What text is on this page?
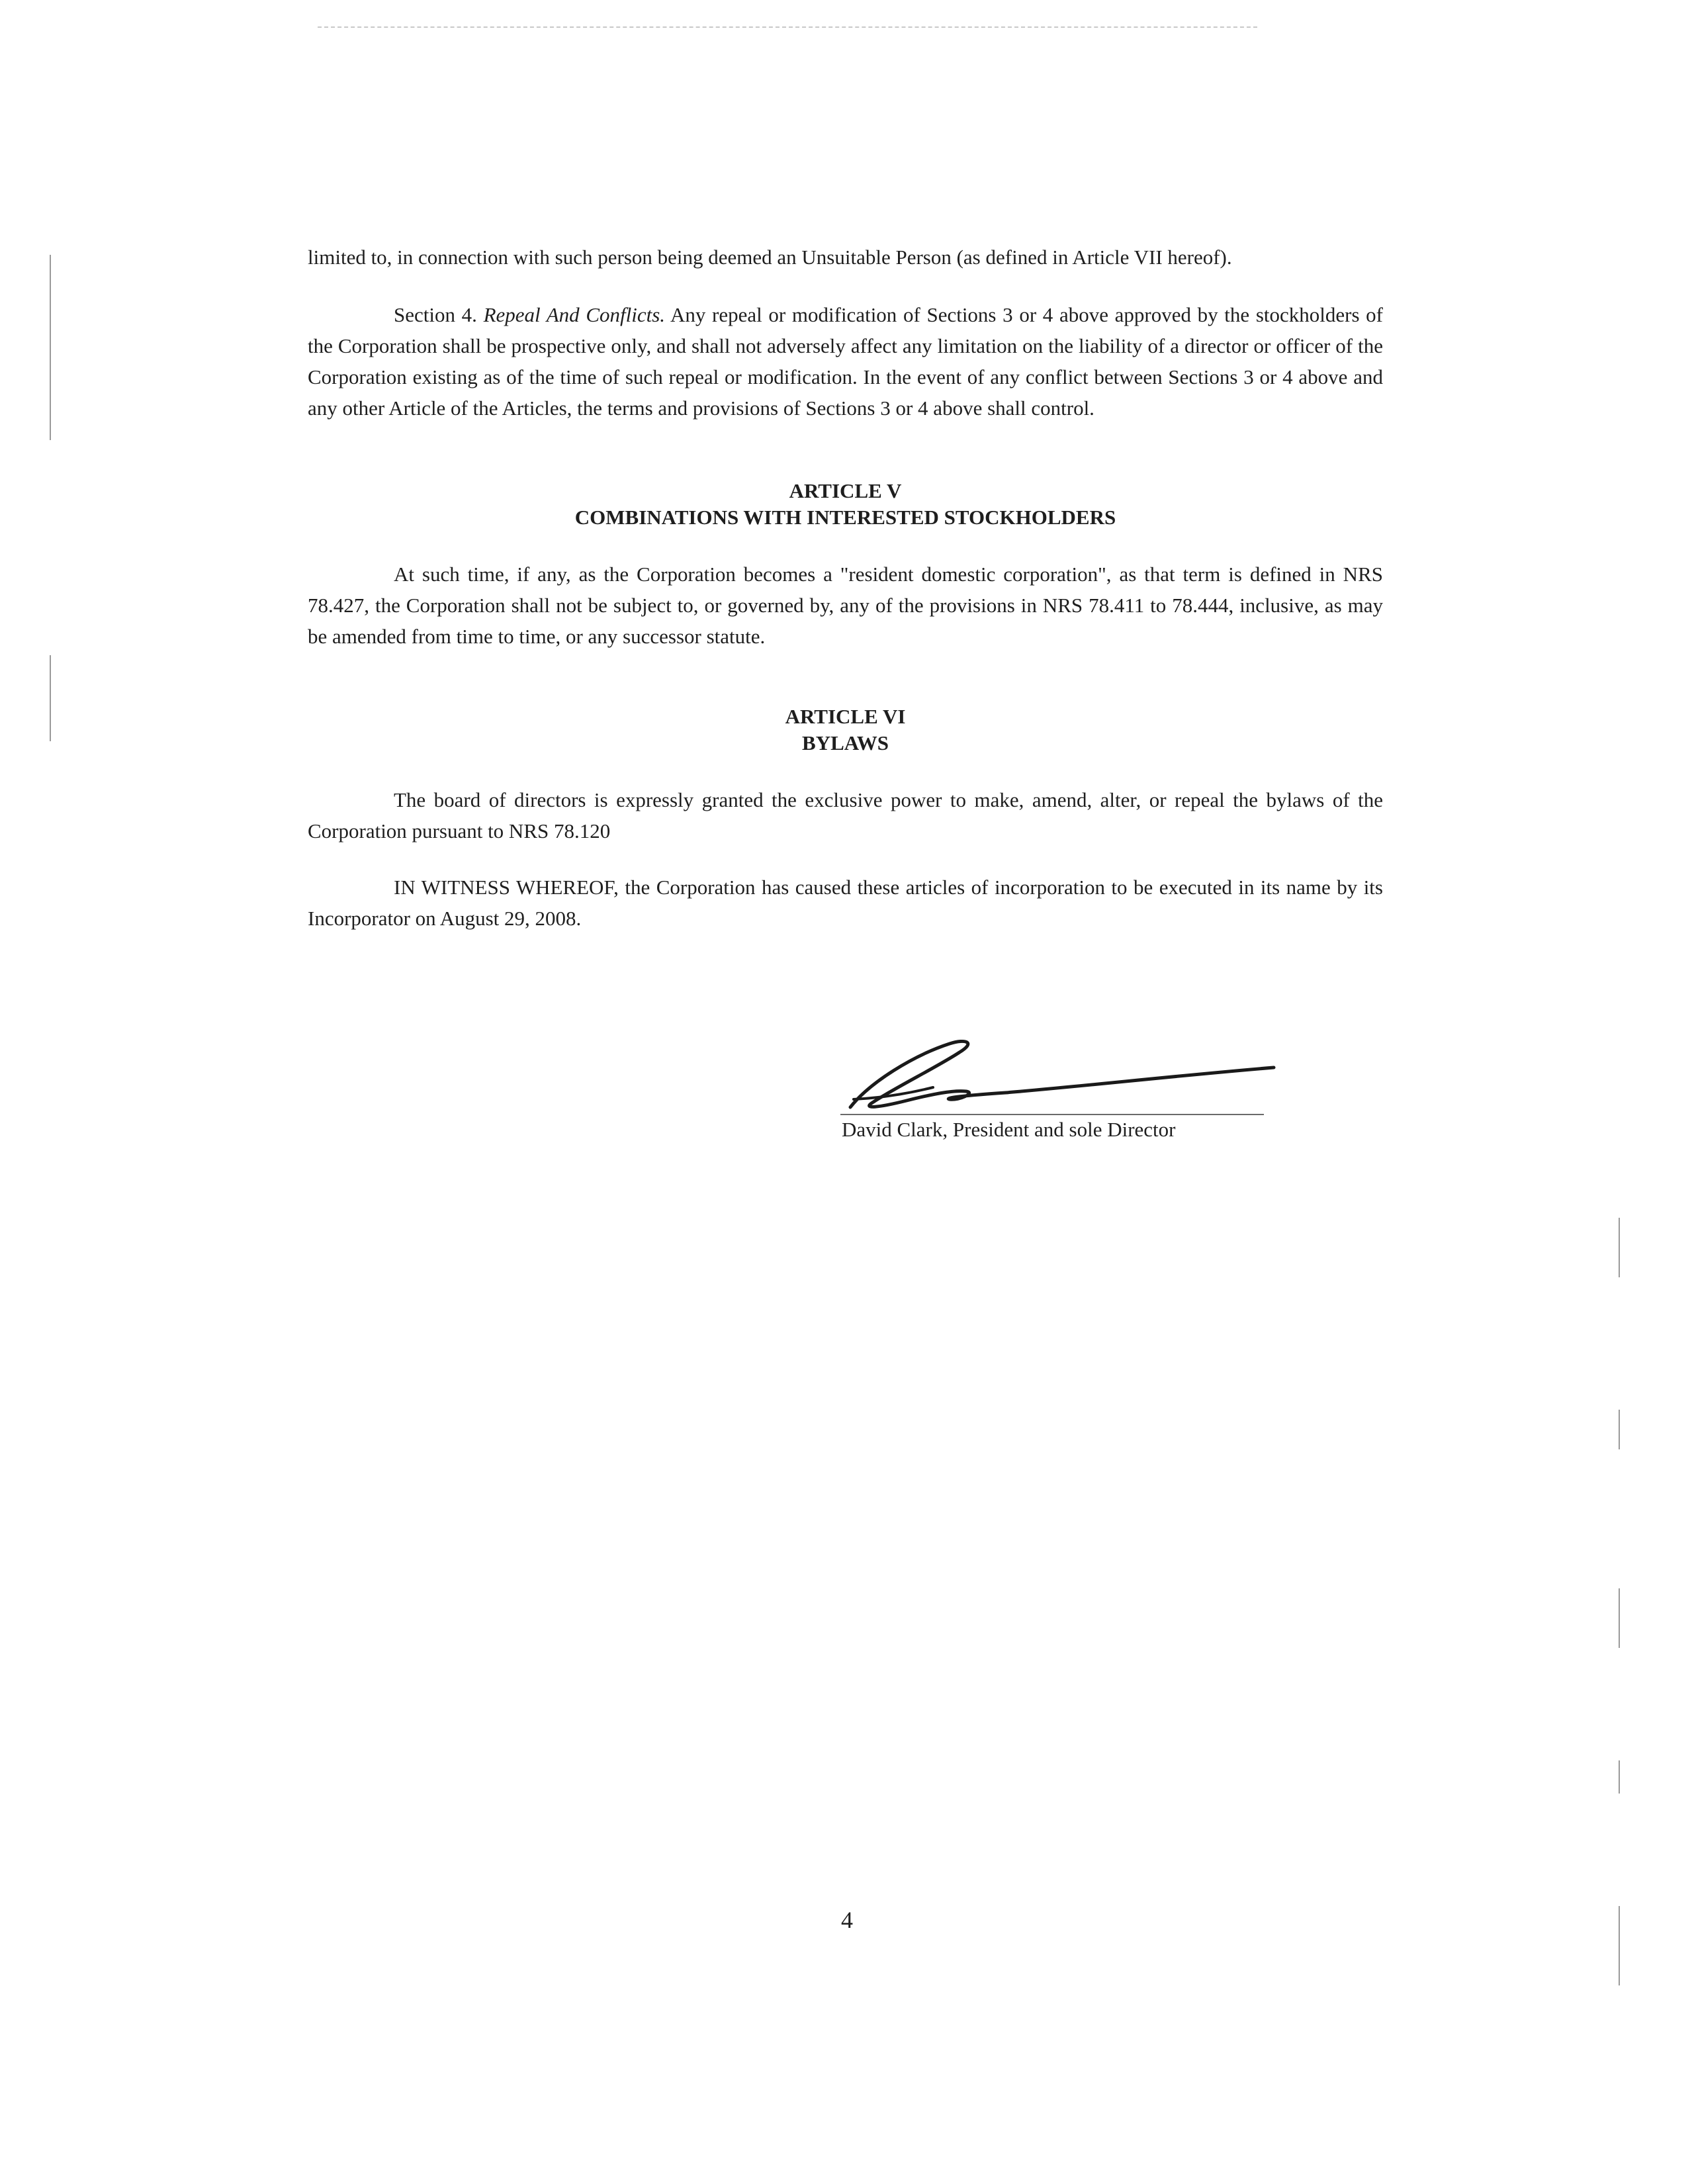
limited to, in connection with such person being deemed an Unsuitable Person (as defined in Article VII hereof).

Section 4. Repeal And Conflicts. Any repeal or modification of Sections 3 or 4 above approved by the stockholders of the Corporation shall be prospective only, and shall not adversely affect any limitation on the liability of a director or officer of the Corporation existing as of the time of such repeal or modification. In the event of any conflict between Sections 3 or 4 above and any other Article of the Articles, the terms and provisions of Sections 3 or 4 above shall control.

ARTICLE V

COMBINATIONS WITH INTERESTED STOCKHOLDERS

At such time, if any, as the Corporation becomes a "resident domestic corporation", as that term is defined in NRS 78.427, the Corporation shall not be subject to, or governed by, any of the provisions in NRS 78.411 to 78.444, inclusive, as may be amended from time to time, or any successor statute.

ARTICLE VI

BYLAWS

The board of directors is expressly granted the exclusive power to make, amend, alter, or repeal the bylaws of the Corporation pursuant to NRS 78.120

IN WITNESS WHEREOF, the Corporation has caused these articles of incorporation to be executed in its name by its Incorporator on August 29, 2008.

David Clark, President and sole Director
4
